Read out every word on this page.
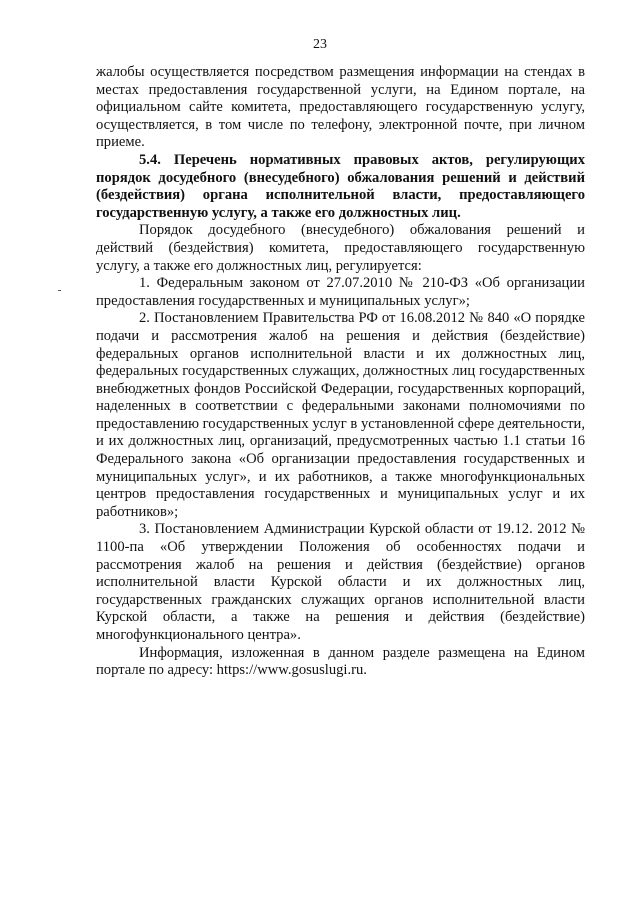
23

жалобы осуществляется посредством размещения информации на стендах в местах предоставления государственной услуги, на Едином портале, на официальном сайте комитета, предоставляющего государственную услугу, осуществляется, в том числе по телефону, электронной почте, при личном приеме.

5.4. Перечень нормативных правовых актов, регулирующих порядок досудебного (внесудебного) обжалования решений и действий (бездействия) органа исполнительной власти, предоставляющего государственную услугу, а также его должностных лиц.

Порядок досудебного (внесудебного) обжалования решений и действий (бездействия) комитета, предоставляющего государственную услугу, а также его должностных лиц, регулируется:

1. Федеральным законом от 27.07.2010 № 210-ФЗ «Об организации предоставления государственных и муниципальных услуг»;

2. Постановлением Правительства РФ от 16.08.2012 № 840 «О порядке подачи и рассмотрения жалоб на решения и действия (бездействие) федеральных органов исполнительной власти и их должностных лиц, федеральных государственных служащих, должностных лиц государственных внебюджетных фондов Российской Федерации, государственных корпораций, наделенных в соответствии с федеральными законами полномочиями по предоставлению государственных услуг в установленной сфере деятельности, и их должностных лиц, организаций, предусмотренных частью 1.1 статьи 16 Федерального закона «Об организации предоставления государственных и муниципальных услуг», и их работников, а также многофункциональных центров предоставления государственных и муниципальных услуг и их работников»;

3. Постановлением Администрации Курской области от 19.12. 2012 № 1100-па «Об утверждении Положения об особенностях подачи и рассмотрения жалоб на решения и действия (бездействие) органов исполнительной власти Курской области и их должностных лиц, государственных гражданских служащих органов исполнительной власти Курской области, а также на решения и действия (бездействие) многофункционального центра».

Информация, изложенная в данном разделе размещена на Едином портале по адресу: https://www.gosuslugi.ru.
